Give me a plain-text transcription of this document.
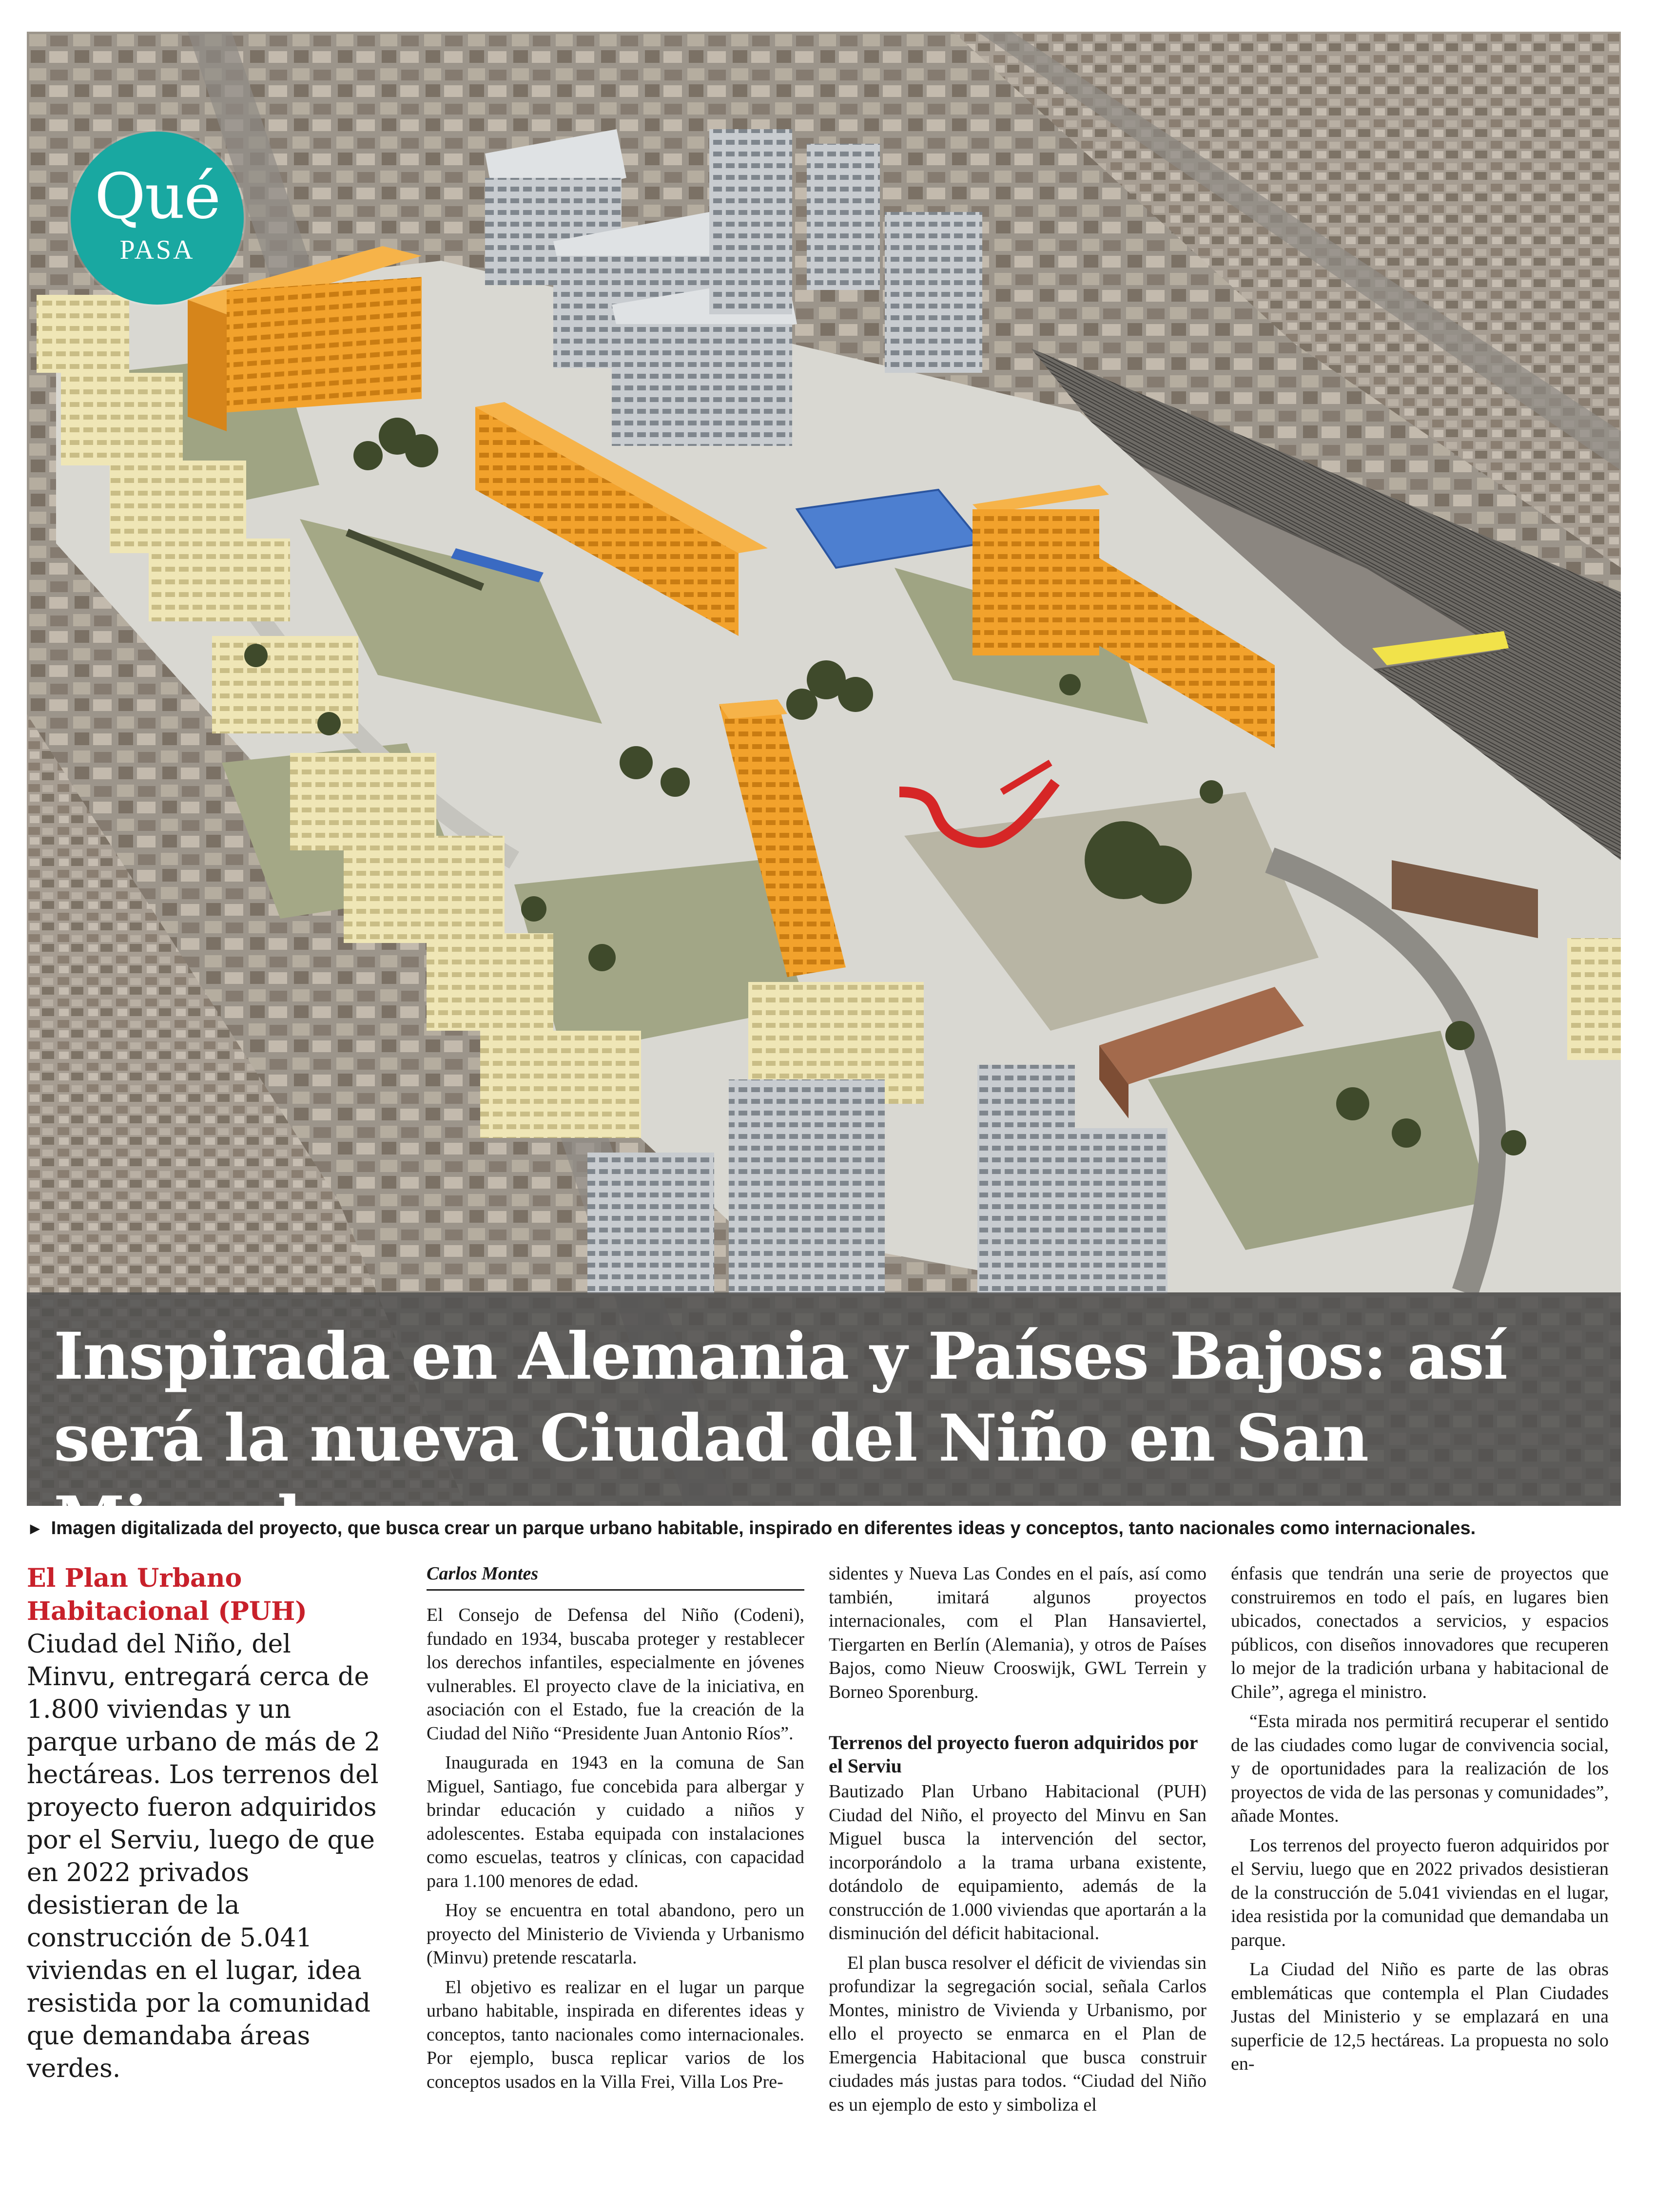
Qué
PASA
Inspirada en Alemania y Países Bajos: así será la nueva Ciudad del Niño en San Miguel
► Imagen digitalizada del proyecto, que busca crear un parque urbano habitable, inspirado en diferentes ideas y conceptos, tanto nacionales como internacionales.

El Plan Urbano Habitacional (PUH) Ciudad del Niño, del Minvu, entregará cerca de 1.800 viviendas y un parque urbano de más de 2 hectáreas. Los terrenos del proyecto fueron adquiridos por el Serviu, luego de que en 2022 privados desistieran de la construcción de 5.041 viviendas en el lugar, idea resistida por la comunidad que demandaba áreas verdes.

Carlos Montes

El Consejo de Defensa del Niño (Codeni), fundado en 1934, buscaba proteger y restablecer los derechos infantiles, especialmente en jóvenes vulnerables. El proyecto clave de la iniciativa, en asociación con el Estado, fue la creación de la Ciudad del Niño “Presidente Juan Antonio Ríos”.

Inaugurada en 1943 en la comuna de San Miguel, Santiago, fue concebida para albergar y brindar educación y cuidado a niños y adolescentes. Estaba equipada con instalaciones como escuelas, teatros y clínicas, con capacidad para 1.100 menores de edad.

Hoy se encuentra en total abandono, pero un proyecto del Ministerio de Vivienda y Urbanismo (Minvu) pretende rescatarla.

El objetivo es realizar en el lugar un parque urbano habitable, inspirada en diferentes ideas y conceptos, tanto nacionales como internacionales. Por ejemplo, busca replicar varios de los conceptos usados en la Villa Frei, Villa Los Pre-

sidentes y Nueva Las Condes en el país, así como también, imitará algunos proyectos internacionales, com el Plan Hansaviertel, Tiergarten en Berlín (Alemania), y otros de Países Bajos, como Nieuw Crooswijk, GWL Terrein y Borneo Sporenburg.

Terrenos del proyecto fueron adquiridos por el Serviu

Bautizado Plan Urbano Habitacional (PUH) Ciudad del Niño, el proyecto del Minvu en San Miguel busca la intervención del sector, incorporándolo a la trama urbana existente, dotándolo de equipamiento, además de la construcción de 1.000 viviendas que aportarán a la disminución del déficit habitacional.

El plan busca resolver el déficit de viviendas sin profundizar la segregación social, señala Carlos Montes, ministro de Vivienda y Urbanismo, por ello el proyecto se enmarca en el Plan de Emergencia Habitacional que busca construir ciudades más justas para todos. “Ciudad del Niño es un ejemplo de esto y simboliza el

énfasis que tendrán una serie de proyectos que construiremos en todo el país, en lugares bien ubicados, conectados a servicios, y espacios públicos, con diseños innovadores que recuperen lo mejor de la tradición urbana y habitacional de Chile”, agrega el ministro.

“Esta mirada nos permitirá recuperar el sentido de las ciudades como lugar de convivencia social, y de oportunidades para la realización de los proyectos de vida de las personas y comunidades”, añade Montes.

Los terrenos del proyecto fueron adquiridos por el Serviu, luego que en 2022 privados desistieran de la construcción de 5.041 viviendas en el lugar, idea resistida por la comunidad que demandaba un parque.

La Ciudad del Niño es parte de las obras emblemáticas que contempla el Plan Ciudades Justas del Ministerio y se emplazará en una superficie de 12,5 hectáreas. La propuesta no solo en-
